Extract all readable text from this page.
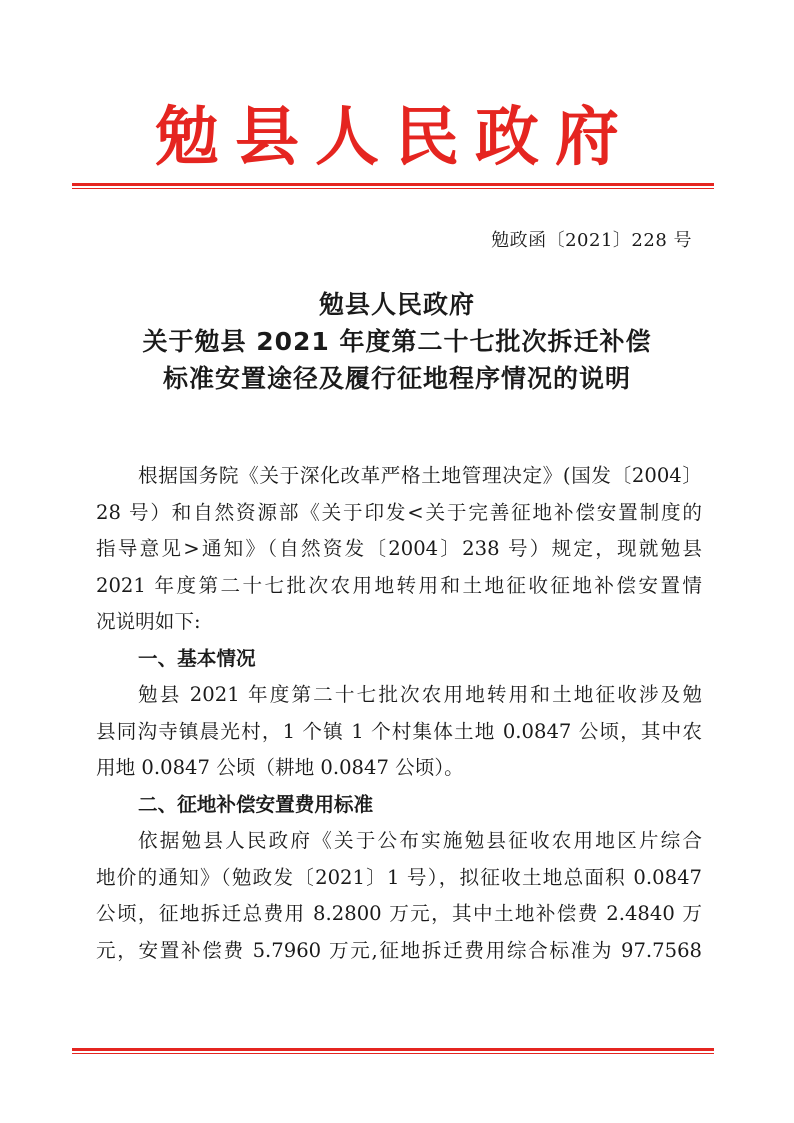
勉县人民政府
勉政函〔2021〕228 号
勉县人民政府
关于勉县 2021 年度第二十七批次拆迁补偿
标准安置途径及履行征地程序情况的说明
根据国务院《关于深化改革严格土地管理决定》(国发〔2004〕
28 号）和自然资源部《关于印发<关于完善征地补偿安置制度的
指导意见>通知》（自然资发〔2004〕238 号）规定，现就勉县
2021 年度第二十七批次农用地转用和土地征收征地补偿安置情
况说明如下:
一、基本情况
勉县 2021 年度第二十七批次农用地转用和土地征收涉及勉
县同沟寺镇晨光村，1 个镇 1 个村集体土地 0.0847 公顷，其中农
用地 0.0847 公顷（耕地 0.0847 公顷）。
二、征地补偿安置费用标准
依据勉县人民政府《关于公布实施勉县征收农用地区片综合
地价的通知》（勉政发〔2021〕1 号），拟征收土地总面积 0.0847
公顷，征地拆迁总费用 8.2800 万元，其中土地补偿费 2.4840 万
元，安置补偿费 5.7960 万元,征地拆迁费用综合标准为 97.7568
